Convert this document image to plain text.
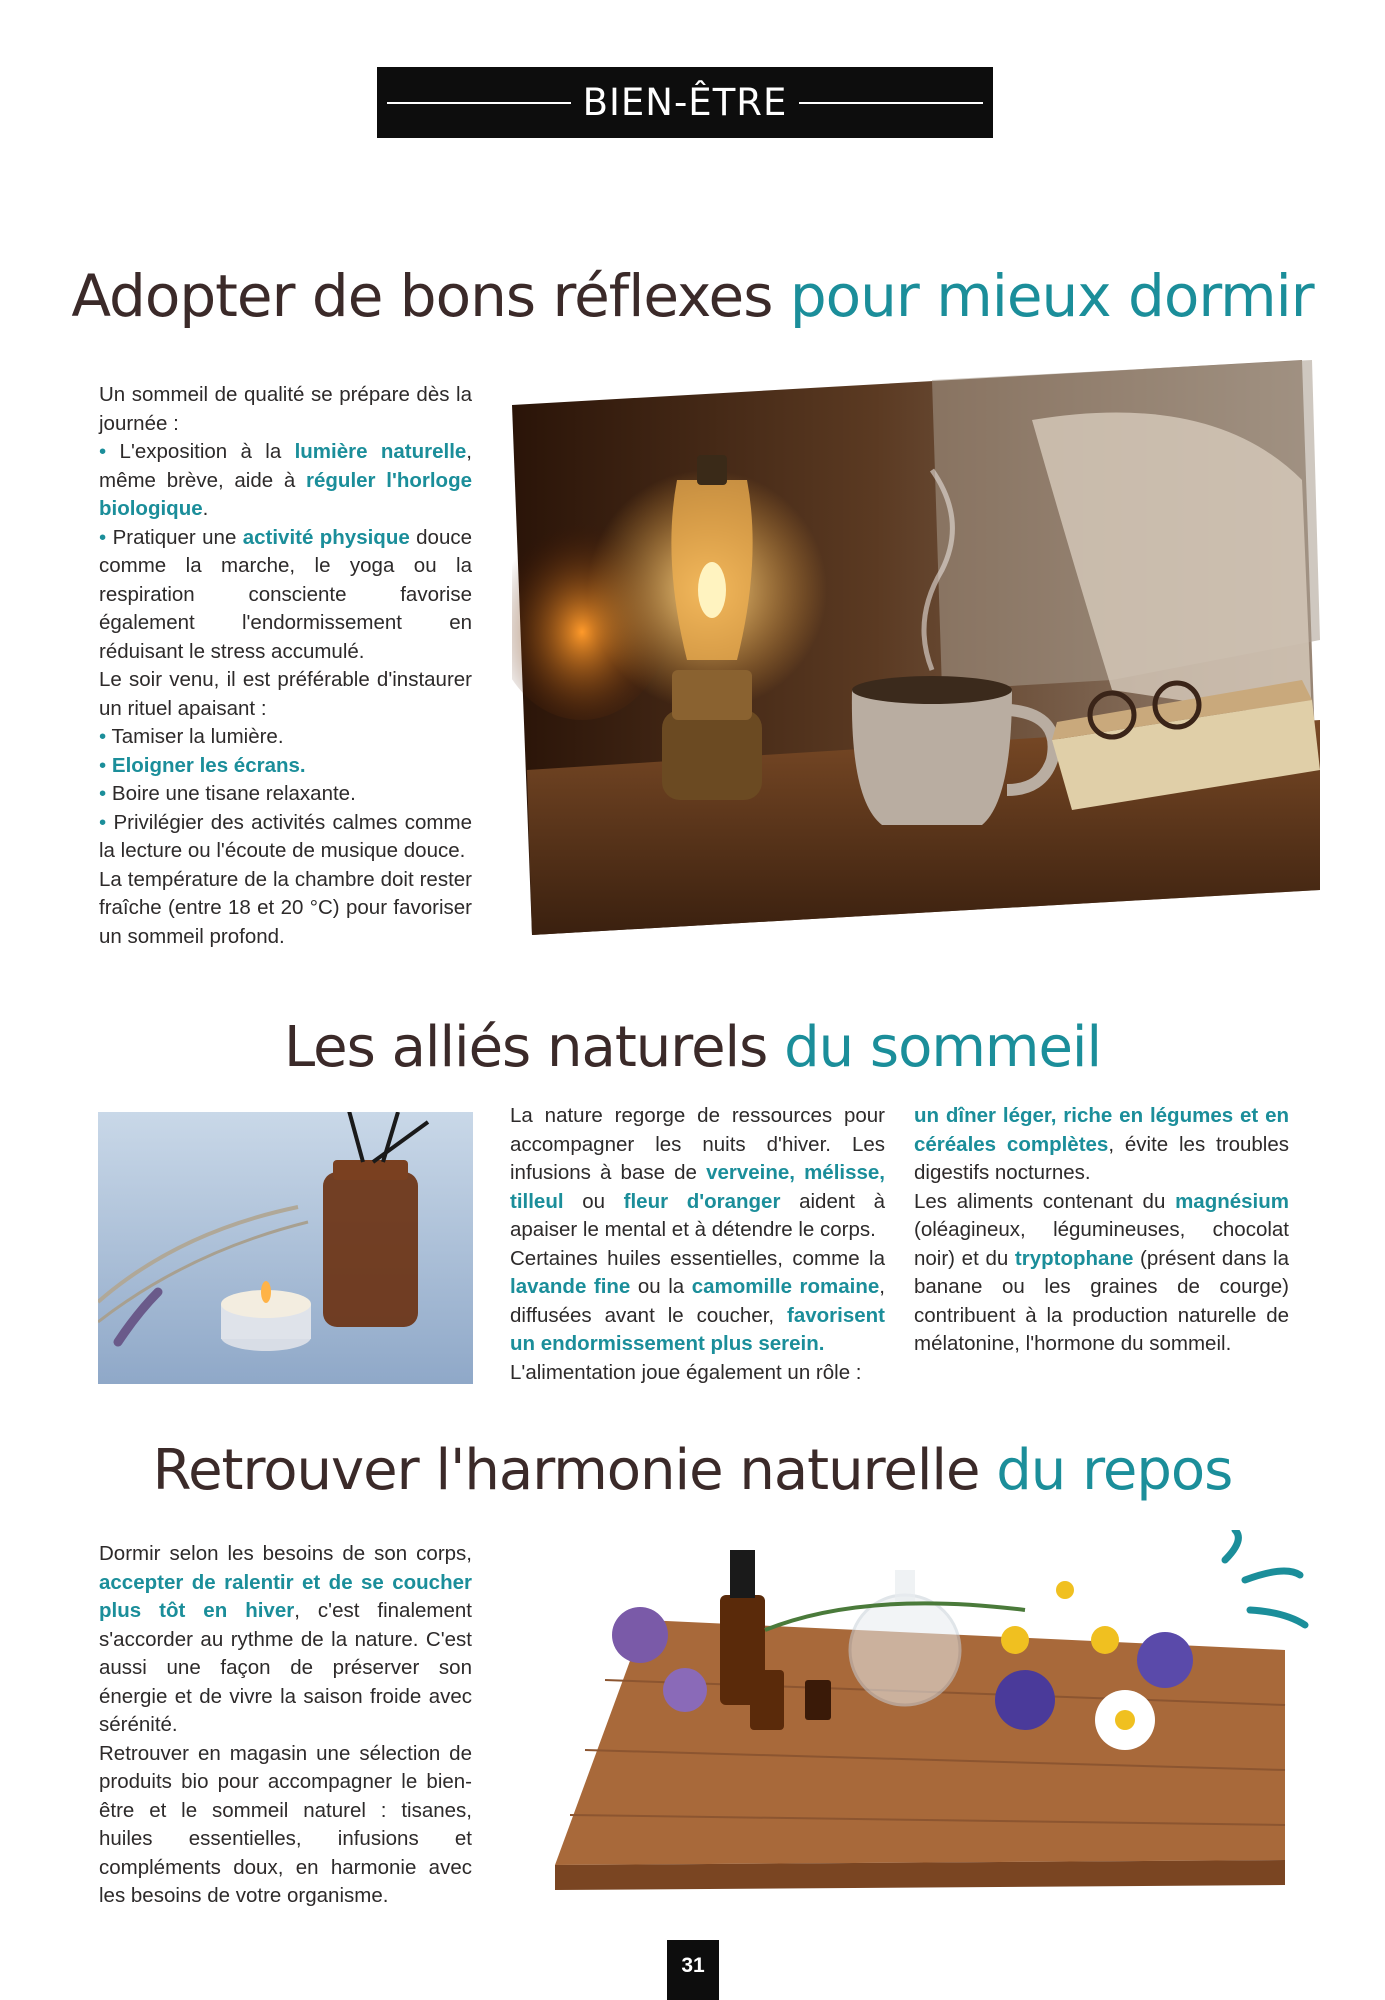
BIEN-ÊTRE
Adopter de bons réflexes pour mieux dormir

Un sommeil de qualité se prépare dès la journée :

• L'exposition à la lumière naturelle, même brève, aide à réguler l'horloge biologique.

• Pratiquer une activité physique douce comme la marche, le yoga ou la respiration consciente favorise également l'endormissement en réduisant le stress accumulé.

Le soir venu, il est préférable d'instaurer un rituel apaisant :

• Tamiser la lumière.

• Eloigner les écrans.

• Boire une tisane relaxante.

• Privilégier des activités calmes comme la lecture ou l'écoute de musique douce.

La température de la chambre doit rester fraîche (entre 18 et 20 °C) pour favoriser un sommeil profond.

Les alliés naturels du sommeil

La nature regorge de ressources pour accompagner les nuits d'hiver. Les infusions à base de verveine, mélisse, tilleul ou fleur d'oranger aident à apaiser le mental et à détendre le corps.

Certaines huiles essentielles, comme la lavande fine ou la camomille romaine, diffusées avant le coucher, favorisent un endormissement plus serein.

L'alimentation joue également un rôle :

un dîner léger, riche en légumes et en céréales complètes, évite les troubles digestifs nocturnes.

Les aliments contenant du magnésium (oléagineux, légumineuses, chocolat noir) et du tryptophane (présent dans la banane ou les graines de courge) contribuent à la production naturelle de mélatonine, l'hormone du sommeil.

Retrouver l'harmonie naturelle du repos

Dormir selon les besoins de son corps, accepter de ralentir et de se coucher plus tôt en hiver, c'est finalement s'accorder au rythme de la nature. C'est aussi une façon de préserver son énergie et de vivre la saison froide avec sérénité.

Retrouver en magasin une sélection de produits bio pour accompagner le bien-être et le sommeil naturel : tisanes, huiles essentielles, infusions et compléments doux, en harmonie avec les besoins de votre organisme.

31
